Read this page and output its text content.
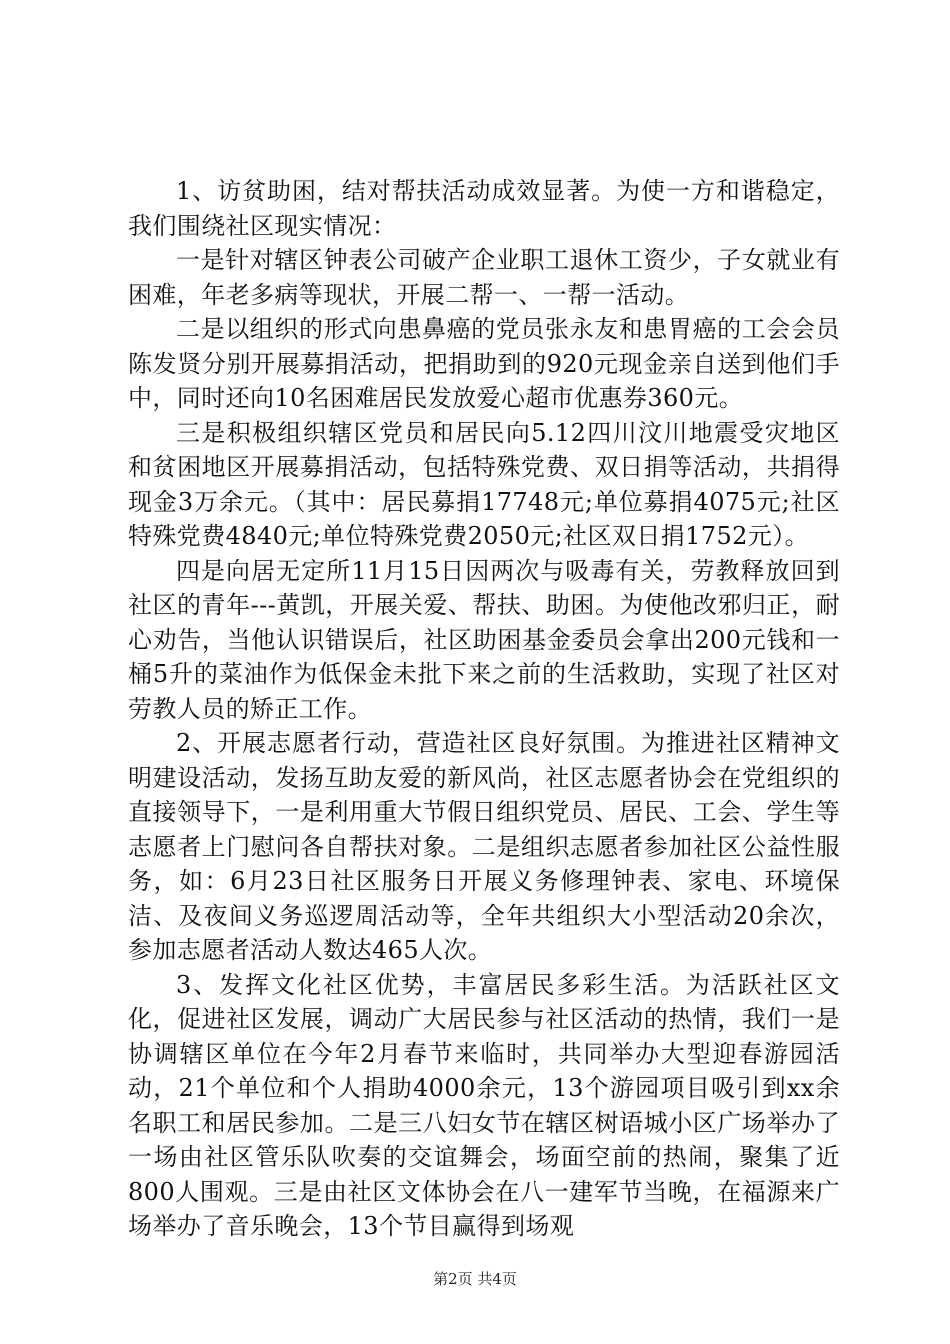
1、访贫助困，结对帮扶活动成效显著。为使一方和谐稳定，我们围绕社区现实情况：

一是针对辖区钟表公司破产企业职工退休工资少，子女就业有困难，年老多病等现状，开展二帮一、一帮一活动。

二是以组织的形式向患鼻癌的党员张永友和患胃癌的工会会员陈发贤分别开展募捐活动，把捐助到的920元现金亲自送到他们手中，同时还向10名困难居民发放爱心超市优惠券360元。

三是积极组织辖区党员和居民向5.12四川汶川地震受灾地区和贫困地区开展募捐活动，包括特殊党费、双日捐等活动，共捐得现金3万余元。（其中：居民募捐17748元;单位募捐4075元;社区特殊党费4840元;单位特殊党费2050元;社区双日捐1752元）。

四是向居无定所11月15日因两次与吸毒有关，劳教释放回到社区的青年---黄凯，开展关爱、帮扶、助困。为使他改邪归正，耐心劝告，当他认识错误后，社区助困基金委员会拿出200元钱和一桶5升的菜油作为低保金未批下来之前的生活救助，实现了社区对劳教人员的矫正工作。

2、开展志愿者行动，营造社区良好氛围。为推进社区精神文明建设活动，发扬互助友爱的新风尚，社区志愿者协会在党组织的直接领导下，一是利用重大节假日组织党员、居民、工会、学生等志愿者上门慰问各自帮扶对象。二是组织志愿者参加社区公益性服务，如：6月23日社区服务日开展义务修理钟表、家电、环境保洁、及夜间义务巡逻周活动等，全年共组织大小型活动20余次，参加志愿者活动人数达465人次。

3、发挥文化社区优势，丰富居民多彩生活。为活跃社区文化，促进社区发展，调动广大居民参与社区活动的热情，我们一是协调辖区单位在今年2月春节来临时，共同举办大型迎春游园活动，21个单位和个人捐助4000余元，13个游园项目吸引到xx余名职工和居民参加。二是三八妇女节在辖区树语城小区广场举办了一场由社区管乐队吹奏的交谊舞会，场面空前的热闹，聚集了近800人围观。三是由社区文体协会在八一建军节当晚，在福源来广场举办了音乐晚会，13个节目赢得到场观

第2页 共4页
